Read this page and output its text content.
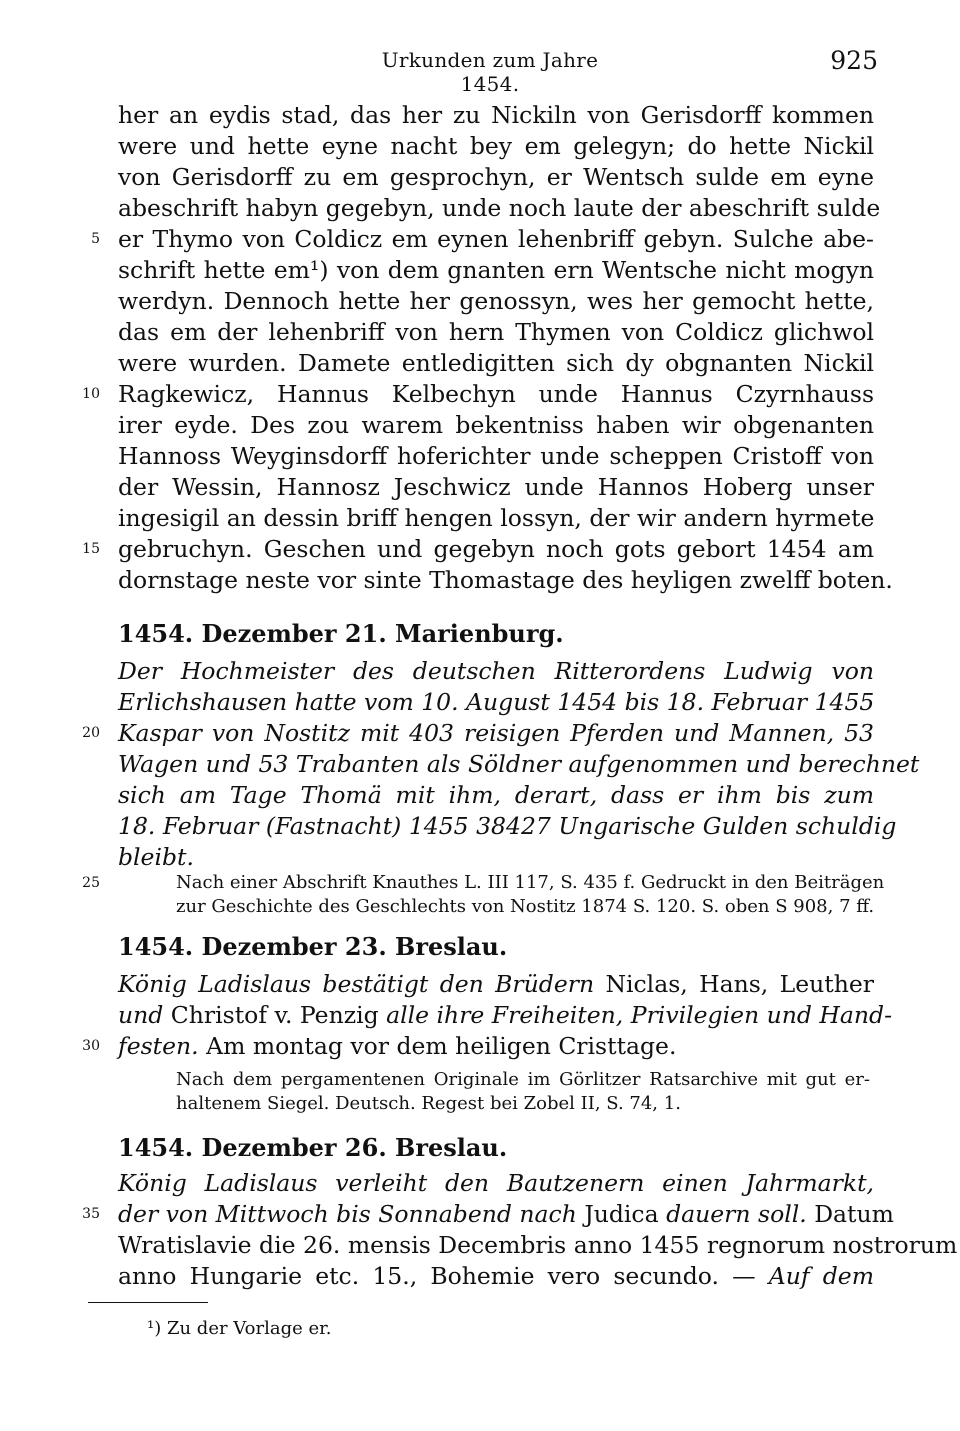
Urkunden zum Jahre 1454.
925
her an eydis stad, das her zu Nickiln von Gerisdorff kommen
were und hette eyne nacht bey em gelegyn; do hette Nickil
von Gerisdorff zu em gesprochyn, er Wentsch sulde em eyne
abeschrift habyn gegebyn, unde noch laute der abeschrift sulde
er Thymo von Coldicz em eynen lehenbriff gebyn. Sulche abe-
schrift hette em¹) von dem gnanten ern Wentsche nicht mogyn
werdyn. Dennoch hette her genossyn, wes her gemocht hette,
das em der lehenbriff von hern Thymen von Coldicz glichwol
were wurden. Damete entledigitten sich dy obgnanten Nickil
Ragkewicz, Hannus Kelbechyn unde Hannus Czyrnhauss
irer eyde. Des zou warem bekentniss haben wir obgenanten
Hannoss Weyginsdorff hoferichter unde scheppen Cristoff von
der Wessin, Hannosz Jeschwicz unde Hannos Hoberg unser
ingesigil an dessin briff hengen lossyn, der wir andern hyrmete
gebruchyn. Geschen und gegebyn noch gots gebort 1454 am
dornstage neste vor sinte Thomastage des heyligen zwelff boten.
1454. Dezember 21. Marienburg.
Der Hochmeister des deutschen Ritterordens Ludwig von
Erlichshausen hatte vom 10. August 1454 bis 18. Februar 1455
Kaspar von Nostitz mit 403 reisigen Pferden und Mannen, 53
Wagen und 53 Trabanten als Söldner aufgenommen und berechnet
sich am Tage Thomä mit ihm, derart, dass er ihm bis zum
18. Februar (Fastnacht) 1455 38427 Ungarische Gulden schuldig
bleibt.
Nach einer Abschrift Knauthes L. III 117, S. 435 f. Gedruckt in den Beiträgen
zur Geschichte des Geschlechts von Nostitz 1874 S. 120. S. oben S 908, 7 ff.
1454. Dezember 23. Breslau.
König Ladislaus bestätigt den Brüdern Niclas, Hans, Leuther
und Christof v. Penzig alle ihre Freiheiten, Privilegien und Hand-
festen. Am montag vor dem heiligen Cristtage.
Nach dem pergamentenen Originale im Görlitzer Ratsarchive mit gut er-
haltenem Siegel. Deutsch. Regest bei Zobel II, S. 74, 1.
1454. Dezember 26. Breslau.
König Ladislaus verleiht den Bautzenern einen Jahrmarkt,
der von Mittwoch bis Sonnabend nach Judica dauern soll. Datum
Wratislavie die 26. mensis Decembris anno 1455 regnorum nostrorum
anno Hungarie etc. 15., Bohemie vero secundo. — Auf dem
5
10
15
20
25
30
35
¹) Zu der Vorlage er.
